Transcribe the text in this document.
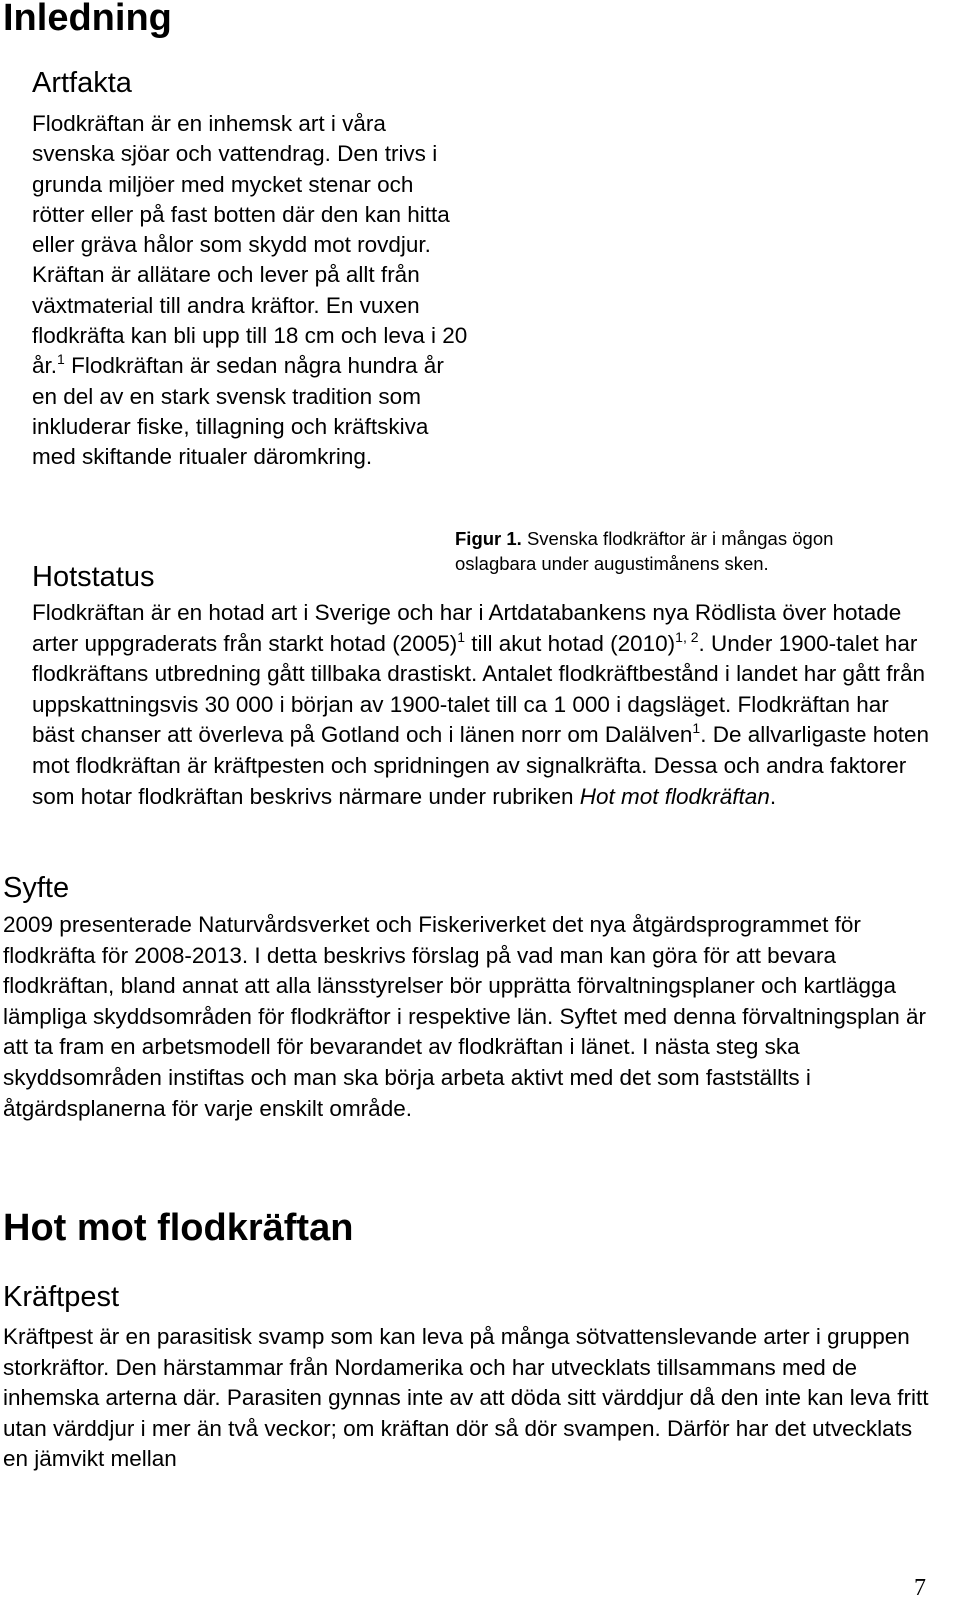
Inledning
Artfakta

Flodkräftan är en inhemsk art i våra svenska sjöar och vattendrag. Den trivs i grunda miljöer med mycket stenar och rötter eller på fast botten där den kan hitta eller gräva hålor som skydd mot rovdjur. Kräftan är allätare och lever på allt från växtmaterial till andra kräftor. En vuxen flodkräfta kan bli upp till 18 cm och leva i 20 år.$^1$ Flodkräftan är sedan några hundra år en del av en stark svensk tradition som inkluderar fiske, tillagning och kräftskiva med skiftande ritualer däromkring.

Figur 1. Svenska flodkräftor är i mångas ögon oslagbara under augustimånens sken.

Hotstatus

Flodkräftan är en hotad art i Sverige och har i Artdatabankens nya Rödlista över hotade arter uppgraderats från starkt hotad $(2005)^1$ till akut hotad $(2010)^{1, 2}$. Under 1900-talet har flodkräftans utbredning gått tillbaka drastiskt. Antalet flodkräftbestånd i landet har gått från uppskattningsvis 30 000 i början av 1900-talet till ca 1 000 i dagsläget. Flodkräftan har bäst chanser att överleva på Gotland och i länen norr om Dalälven$^1$. De allvarligaste hoten mot flodkräftan är kräftpesten och spridningen av signalkräfta. Dessa och andra faktorer som hotar flodkräftan beskrivs närmare under rubriken Hot mot flodkräftan.

Syfte

2009 presenterade Naturvårdsverket och Fiskeriverket det nya åtgärdsprogrammet för flodkräfta för 2008-2013. I detta beskrivs förslag på vad man kan göra för att bevara flodkräftan, bland annat att alla länsstyrelser bör upprätta förvaltningsplaner och kartlägga lämpliga skyddsområden för flodkräftor i respektive län. Syftet med denna förvaltningsplan är att ta fram en arbetsmodell för bevarandet av flodkräftan i länet. I nästa steg ska skyddsområden instiftas och man ska börja arbeta aktivt med det som fastställts i åtgärdsplanerna för varje enskilt område.

Hot mot flodkräftan
Kräftpest

Kräftpest är en parasitisk svamp som kan leva på många sötvattenslevande arter i gruppen storkräftor. Den härstammar från Nordamerika och har utvecklats tillsammans med de inhemska arterna där. Parasiten gynnas inte av att döda sitt värddjur då den inte kan leva fritt utan värddjur i mer än två veckor; om kräftan dör så dör svampen. Därför har det utvecklats en jämvikt mellan

7
